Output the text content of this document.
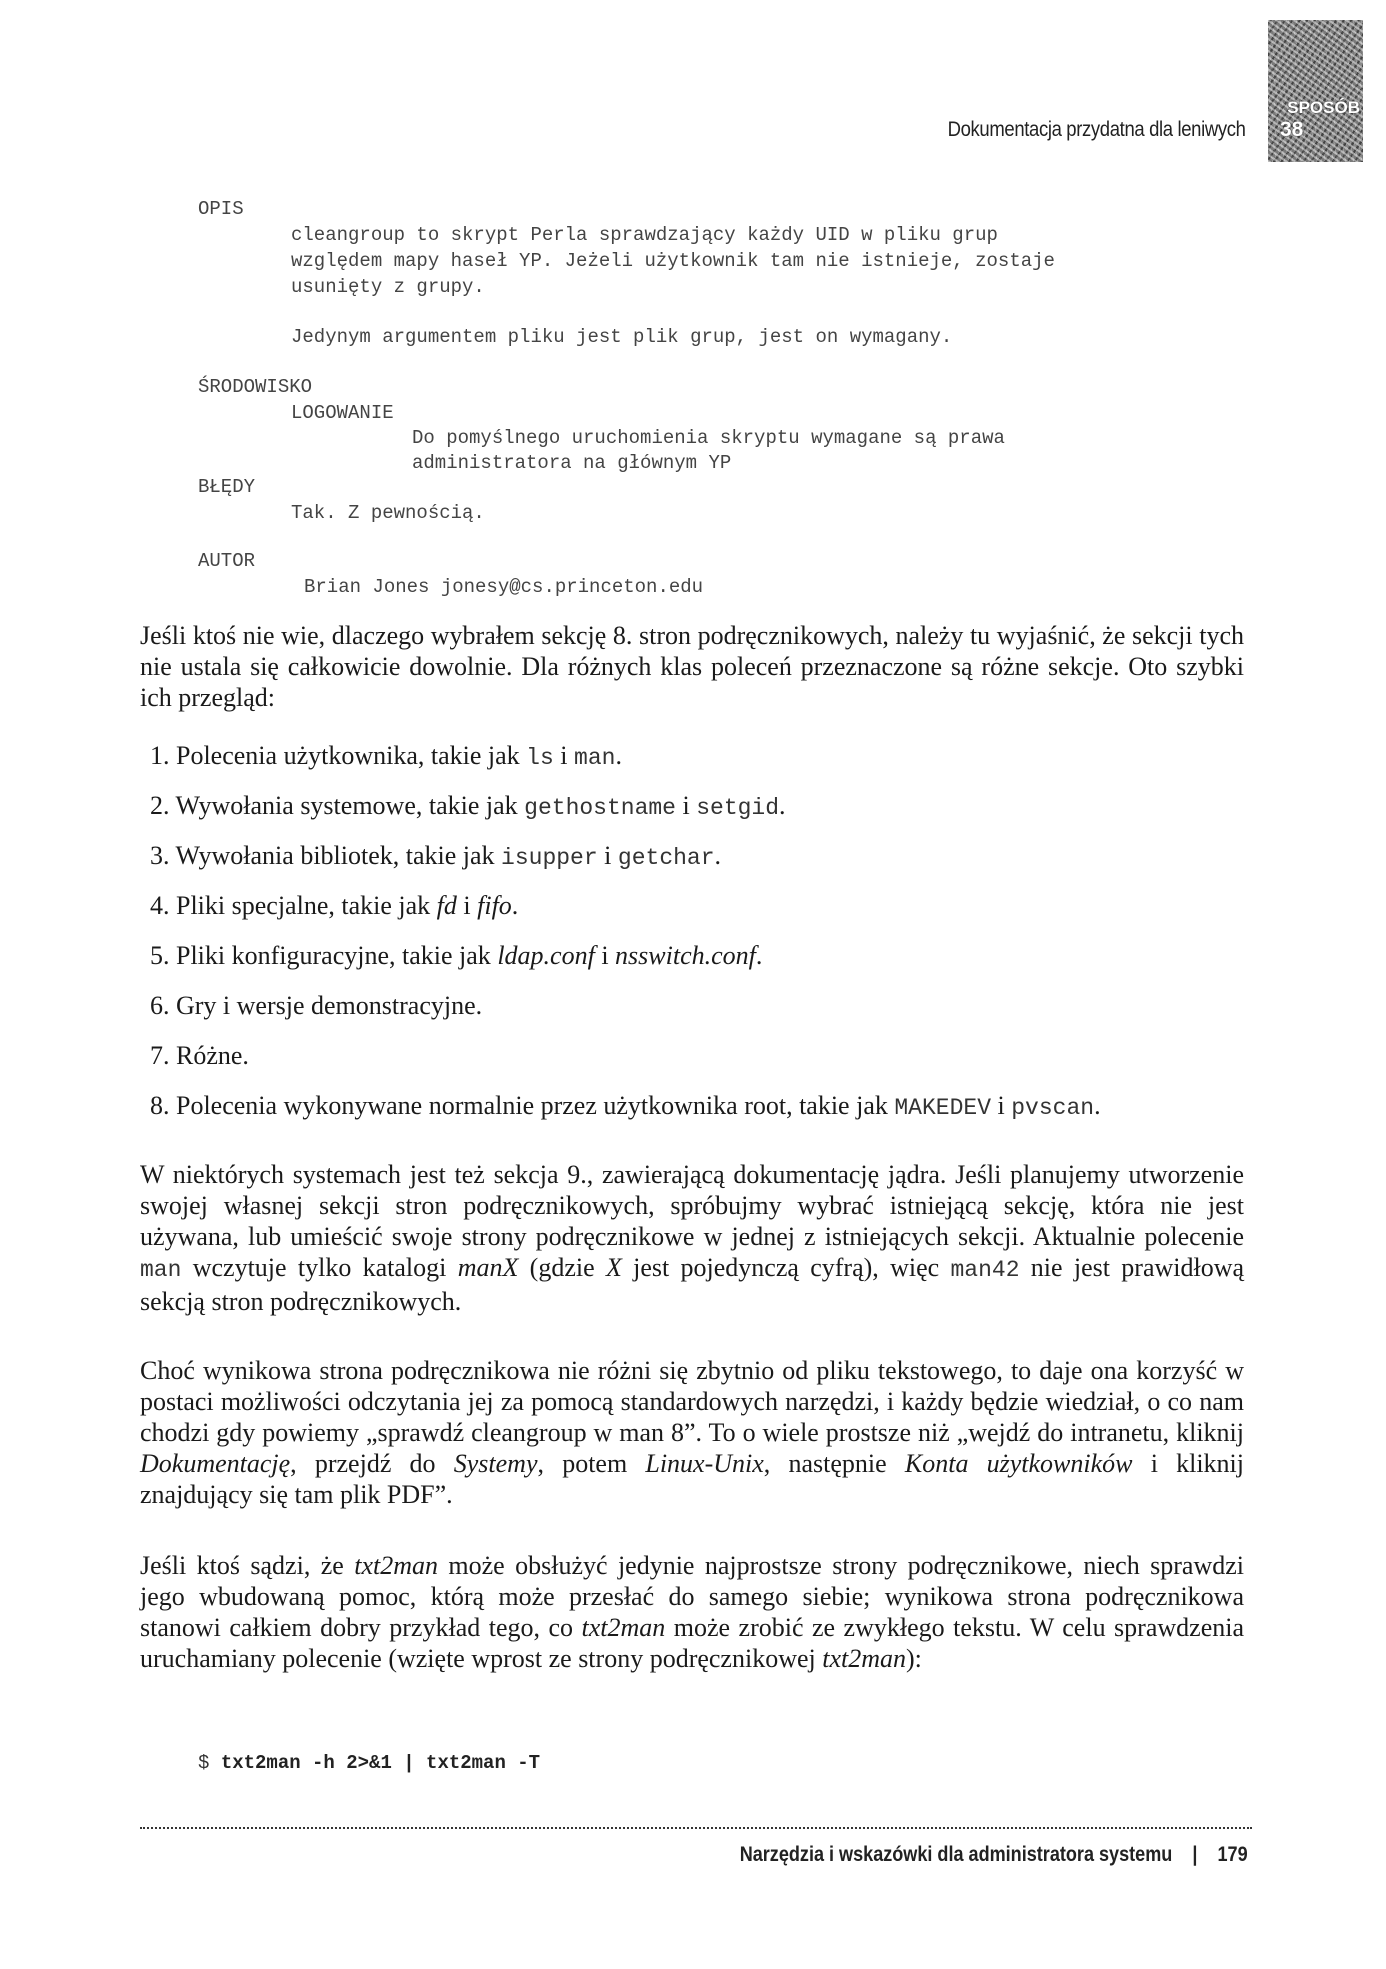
Dokumentacja przydatna dla leniwych
SPOSÓB
38
OPIS
cleangroup to skrypt Perla sprawdzający każdy UID w pliku grup
względem mapy haseł YP. Jeżeli użytkownik tam nie istnieje, zostaje
usunięty z grupy.
Jedynym argumentem pliku jest plik grup, jest on wymagany.
ŚRODOWISKO
LOGOWANIE
Do pomyślnego uruchomienia skryptu wymagane są prawa
administratora na głównym YP
BŁĘDY
Tak. Z pewnością.
AUTOR
Brian Jones jonesy@cs.princeton.edu

Jeśli ktoś nie wie, dlaczego wybrałem sekcję 8. stron podręcznikowych, należy tu wyjaśnić, że sekcji tych nie ustala się całkowicie dowolnie. Dla różnych klas poleceń przeznaczone są różne sekcje. Oto szybki ich przegląd:

1. Polecenia użytkownika, takie jak ls i man.
2. Wywołania systemowe, takie jak gethostname i setgid.
3. Wywołania bibliotek, takie jak isupper i getchar.
4. Pliki specjalne, takie jak fd i fifo.
5. Pliki konfiguracyjne, takie jak ldap.conf i nsswitch.conf.
6. Gry i wersje demonstracyjne.
7. Różne.
8. Polecenia wykonywane normalnie przez użytkownika root, takie jak MAKEDEV i pvscan.

W niektórych systemach jest też sekcja 9., zawierającą dokumentację jądra. Jeśli planujemy utworzenie swojej własnej sekcji stron podręcznikowych, spróbujmy wybrać istniejącą sekcję, która nie jest używana, lub umieścić swoje strony podręcznikowe w jednej z istniejących sekcji. Aktualnie polecenie man wczytuje tylko katalogi manX (gdzie X jest pojedynczą cyfrą), więc man42 nie jest prawidłową sekcją stron podręcznikowych.

Choć wynikowa strona podręcznikowa nie różni się zbytnio od pliku tekstowego, to daje ona korzyść w postaci możliwości odczytania jej za pomocą standardowych narzędzi, i każdy będzie wiedział, o co nam chodzi gdy powiemy „sprawdź cleangroup w man 8”. To o wiele prostsze niż „wejdź do intranetu, kliknij Dokumentację, przejdź do Systemy, potem Linux-Unix, następnie Konta użytkowników i kliknij znajdujący się tam plik PDF”.

Jeśli ktoś sądzi, że txt2man może obsłużyć jedynie najprostsze strony podręcznikowe, niech sprawdzi jego wbudowaną pomoc, którą może przesłać do samego siebie; wynikowa strona podręcznikowa stanowi całkiem dobry przykład tego, co txt2man może zrobić ze zwykłego tekstu. W celu sprawdzenia uruchamiany polecenie (wzięte wprost ze strony podręcznikowej txt2man):

$ txt2man -h 2>&1 | txt2man -T
Narzędzia i wskazówki dla administratora systemu | 179
